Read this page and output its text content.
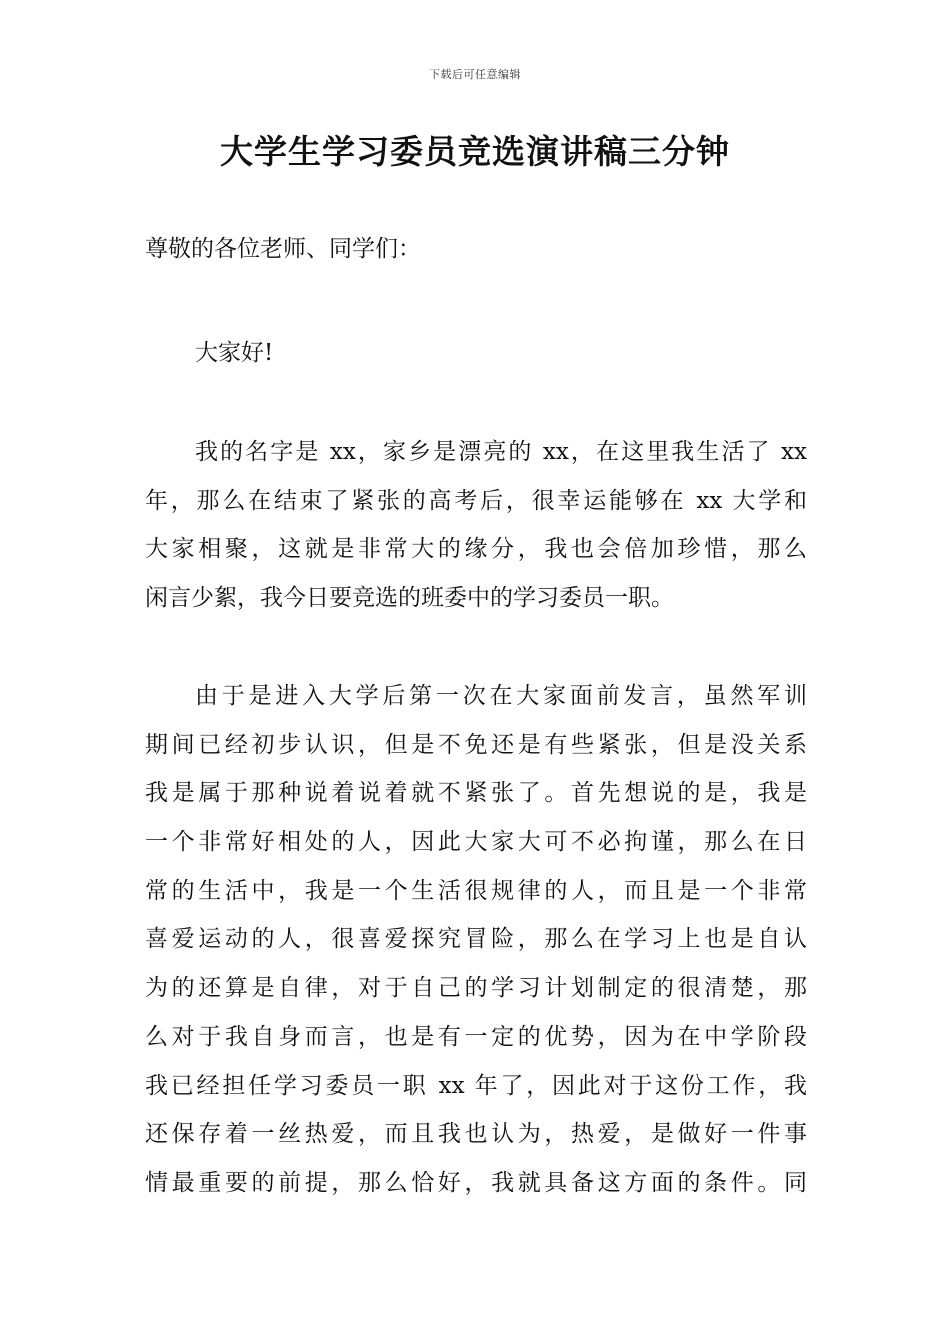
下载后可任意编辑
大学生学习委员竞选演讲稿三分钟
尊敬的各位老师、同学们：
大家好!
我的名字是 xx，家乡是漂亮的 xx，在这里我生活了 xx
年，那么在结束了紧张的高考后，很幸运能够在 xx 大学和
大家相聚，这就是非常大的缘分，我也会倍加珍惜，那么
闲言少絮，我今日要竞选的班委中的学习委员一职。
由于是进入大学后第一次在大家面前发言，虽然军训
期间已经初步认识，但是不免还是有些紧张，但是没关系
我是属于那种说着说着就不紧张了。首先想说的是，我是
一个非常好相处的人，因此大家大可不必拘谨，那么在日
常的生活中，我是一个生活很规律的人，而且是一个非常
喜爱运动的人，很喜爱探究冒险，那么在学习上也是自认
为的还算是自律，对于自己的学习计划制定的很清楚，那
么对于我自身而言，也是有一定的优势，因为在中学阶段
我已经担任学习委员一职 xx 年了，因此对于这份工作，我
还保存着一丝热爱，而且我也认为，热爱，是做好一件事
情最重要的前提，那么恰好，我就具备这方面的条件。同
